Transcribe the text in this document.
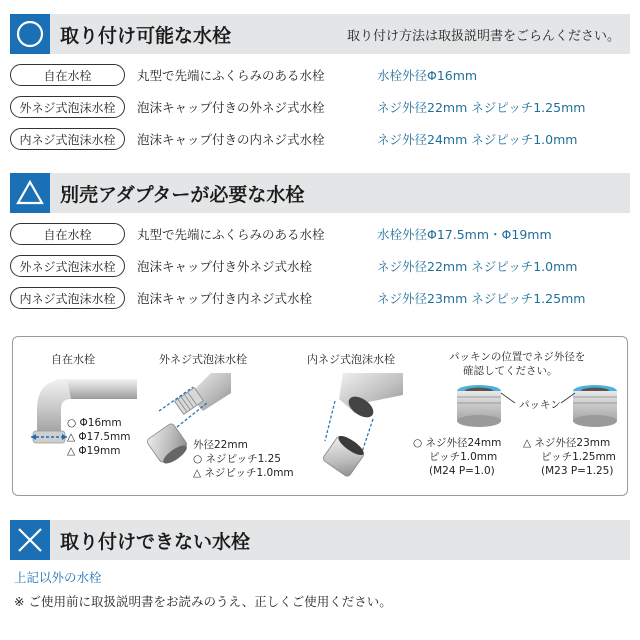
取り付け可能な水栓	取り付け方法は取扱説明書をごらんください。
自在水栓	丸型で先端にふくらみのある水栓	水栓外径Φ16mm
外ネジ式泡沫水栓	泡沫キャップ付きの外ネジ式水栓	ネジ外径22mm ネジピッチ1.25mm
内ネジ式泡沫水栓	泡沫キャップ付きの内ネジ式水栓	ネジ外径24mm ネジピッチ1.0mm
別売アダプターが必要な水栓
自在水栓	丸型で先端にふくらみのある水栓	水栓外径Φ17.5mm・Φ19mm
外ネジ式泡沫水栓	泡沫キャップ付き外ネジ式水栓	ネジ外径22mm ネジピッチ1.0mm
内ネジ式泡沫水栓	泡沫キャップ付き内ネジ式水栓	ネジ外径23mm ネジピッチ1.25mm
自在水栓
○ Φ16mm
△ Φ17.5mm
△ Φ19mm
外ネジ式泡沫水栓
外径22mm
○ ネジピッチ1.25
△ ネジピッチ1.0mm
内ネジ式泡沫水栓	パッキンの位置でネジ外径を
確認してください。
パッキン
○ ネジ外径24mm
ピッチ1.0mm
(M24 P=1.0)
△ ネジ外径23mm
ピッチ1.25mm
(M23 P=1.25)
取り付けできない水栓
上記以外の水栓
※ ご使用前に取扱説明書をお読みのうえ、正しくご使用ください。
